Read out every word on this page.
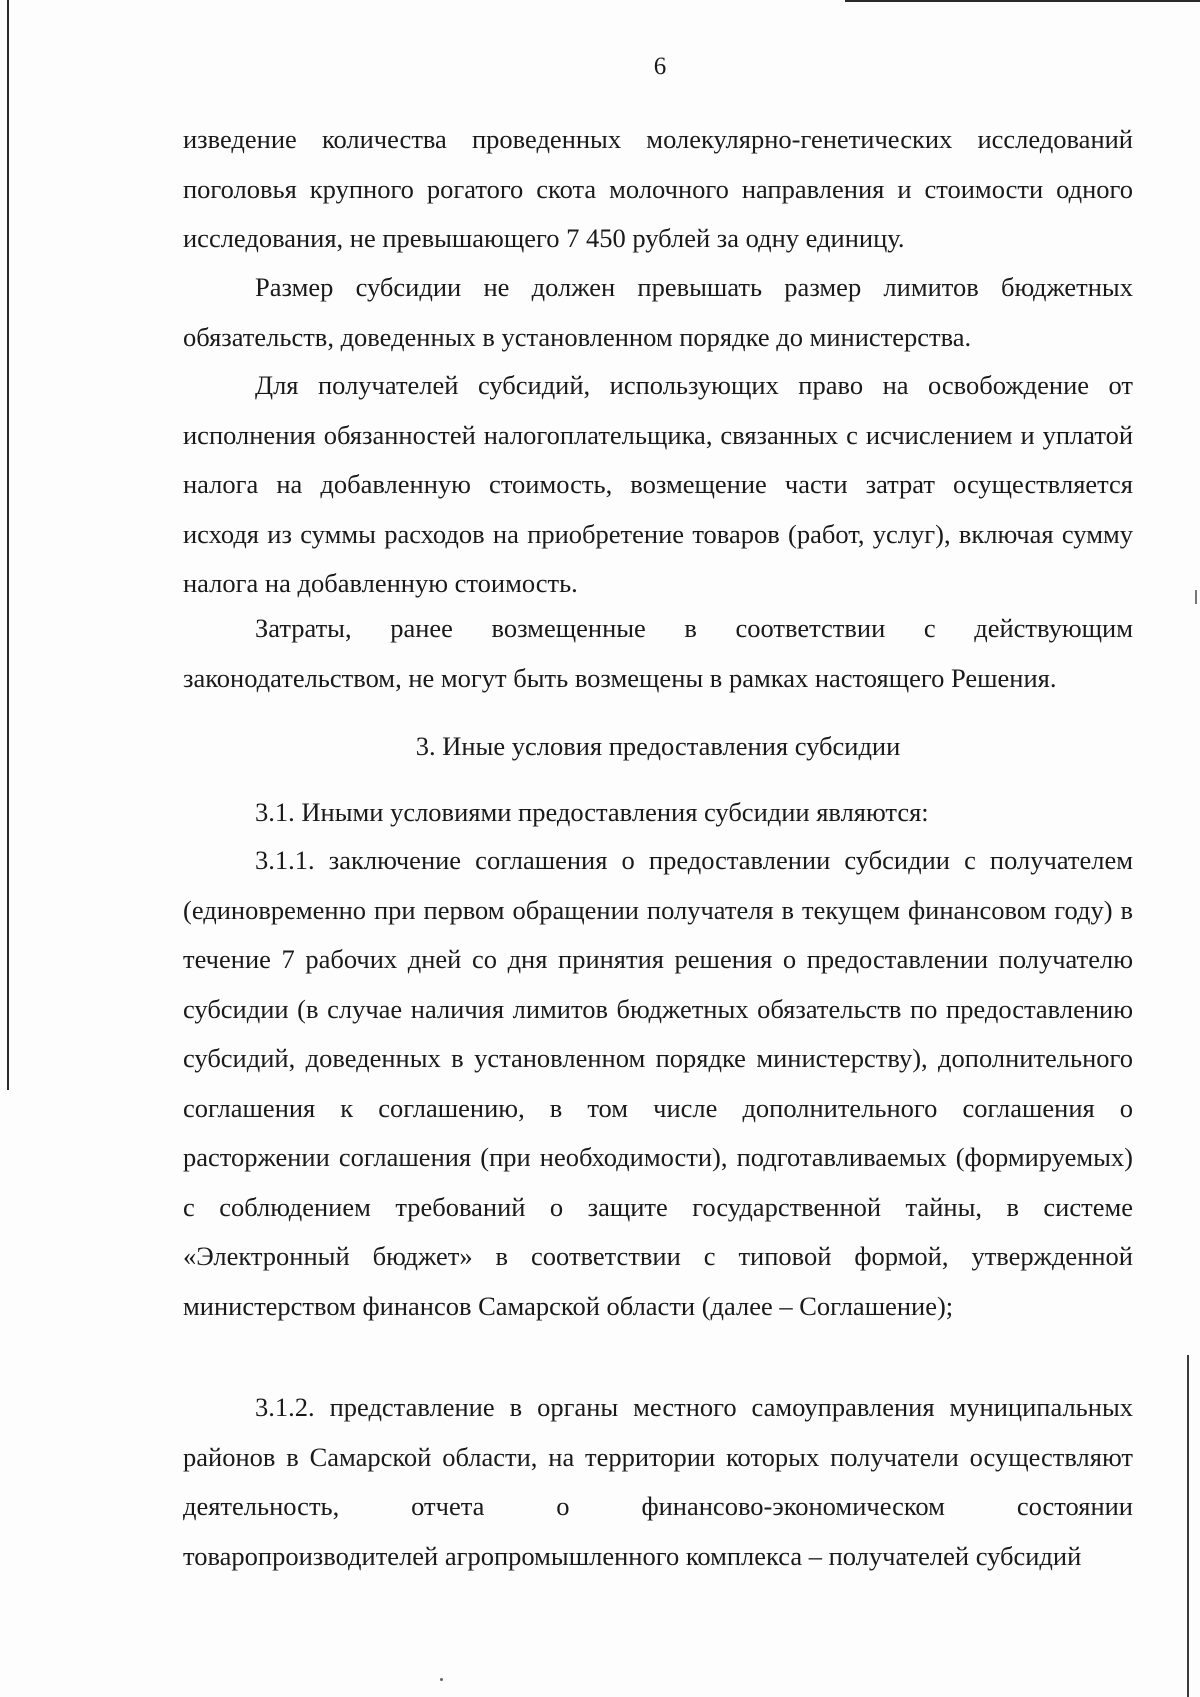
6

изведение количества проведенных молекулярно-генетических исследований поголовья крупного рогатого скота молочного направления и стоимости одного исследования, не превышающего 7 450 рублей за одну единицу.

Размер субсидии не должен превышать размер лимитов бюджетных обязательств, доведенных в установленном порядке до министерства.

Для получателей субсидий, использующих право на освобождение от исполнения обязанностей налогоплательщика, связанных с исчислением и уплатой налога на добавленную стоимость, возмещение части затрат осуществляется исходя из суммы расходов на приобретение товаров (работ, услуг), включая сумму налога на добавленную стоимость.

Затраты, ранее возмещенные в соответствии с действующим законодательством, не могут быть возмещены в рамках настоящего Решения.

3. Иные условия предоставления субсидии

3.1. Иными условиями предоставления субсидии являются:

3.1.1. заключение соглашения о предоставлении субсидии с получателем (единовременно при первом обращении получателя в текущем финансовом году) в течение 7 рабочих дней со дня принятия решения о предоставлении получателю субсидии (в случае наличия лимитов бюджетных обязательств по предоставлению субсидий, доведенных в установленном порядке министерству), дополнительного соглашения к соглашению, в том числе дополнительного соглашения о расторжении соглашения (при необходимости), подготавливаемых (формируемых) с соблюдением требований о защите государственной тайны, в системе «Электронный бюджет» в соответствии с типовой формой, утвержденной министерством финансов Самарской области (далее – Соглашение);

3.1.2. представление в органы местного самоуправления муниципальных районов в Самарской области, на территории которых получатели осуществляют деятельность, отчета о финансово-экономическом состоянии товаропроизводителей агропромышленного комплекса – получателей субсидий
